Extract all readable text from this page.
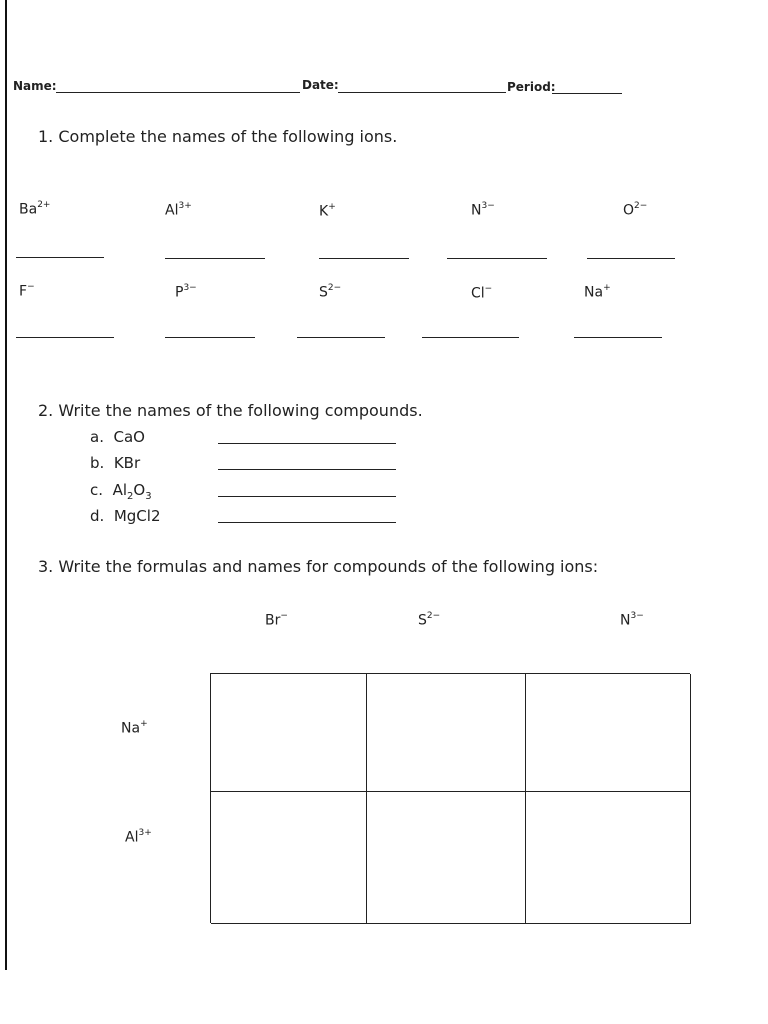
Name:	Date:	Period:
1. Complete the names of the following ions.
$Ba^{2+}$	$Al^{3+}$	K+	$N^{3-}$	$O^{2-}$
F−	$P^{3-}$	$S^{2-}$	Cl−	Na+
2. Write the names of the following compounds.
a. CaO
b. KBr
c. $Al_2O_3$
d. MgCl2
3. Write the formulas and names for compounds of the following ions:
Br−	$S^{2-}$	$N^{3-}$
Na+
$Al^{3+}$
